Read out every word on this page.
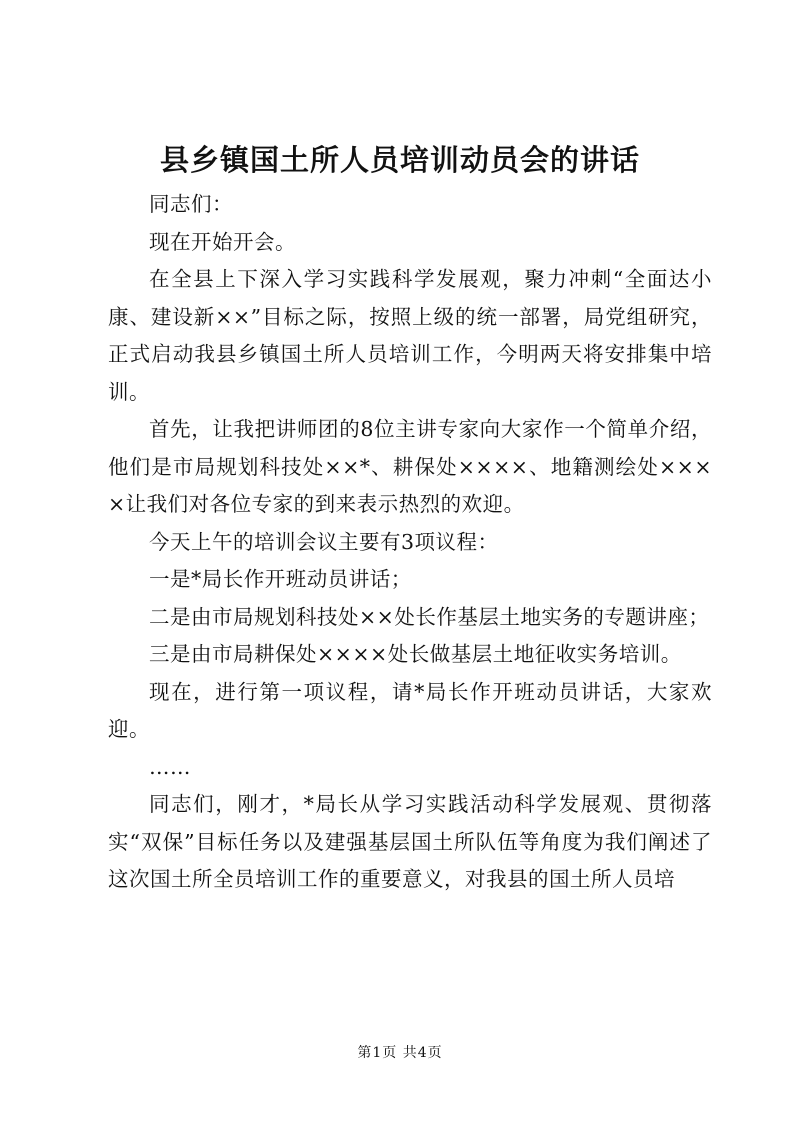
县乡镇国土所人员培训动员会的讲话

同志们：

现在开始开会。

在全县上下深入学习实践科学发展观，聚力冲刺“全面达小康、建设新××”目标之际，按照上级的统一部署，局党组研究，正式启动我县乡镇国土所人员培训工作，今明两天将安排集中培训。

首先，让我把讲师团的8位主讲专家向大家作一个简单介绍，他们是市局规划科技处××*、耕保处××××、地籍测绘处××××让我们对各位专家的到来表示热烈的欢迎。

今天上午的培训会议主要有3项议程：

一是*局长作开班动员讲话；

二是由市局规划科技处××处长作基层土地实务的专题讲座；

三是由市局耕保处××××处长做基层土地征收实务培训。

现在，进行第一项议程，请*局长作开班动员讲话，大家欢迎。

……

同志们，刚才，*局长从学习实践活动科学发展观、贯彻落实“双保”目标任务以及建强基层国土所队伍等角度为我们阐述了这次国土所全员培训工作的重要意义，对我县的国土所人员培

第1页 共4页
